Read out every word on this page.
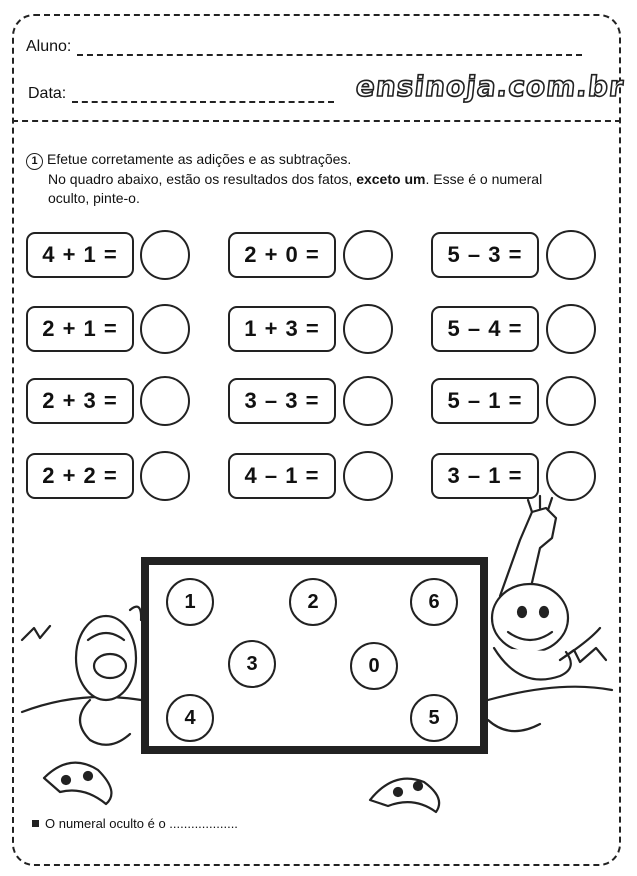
Aluno:
Data:	ensinoja.com.br
1 Efetue corretamente as adições e as subtrações.
No quadro abaixo, estão os resultados dos fatos, exceto um. Esse é o numeral
oculto, pinte-o.
4 + 1 =	2 + 0 =	5 – 3 =
2 + 1 =	1 + 3 =	5 – 4 =
2 + 3 =	3 – 3 =	5 – 1 =
2 + 2 =	4 – 1 =	3 – 1 =
1	2	6
3	0
4	5
O numeral oculto é o ...................
